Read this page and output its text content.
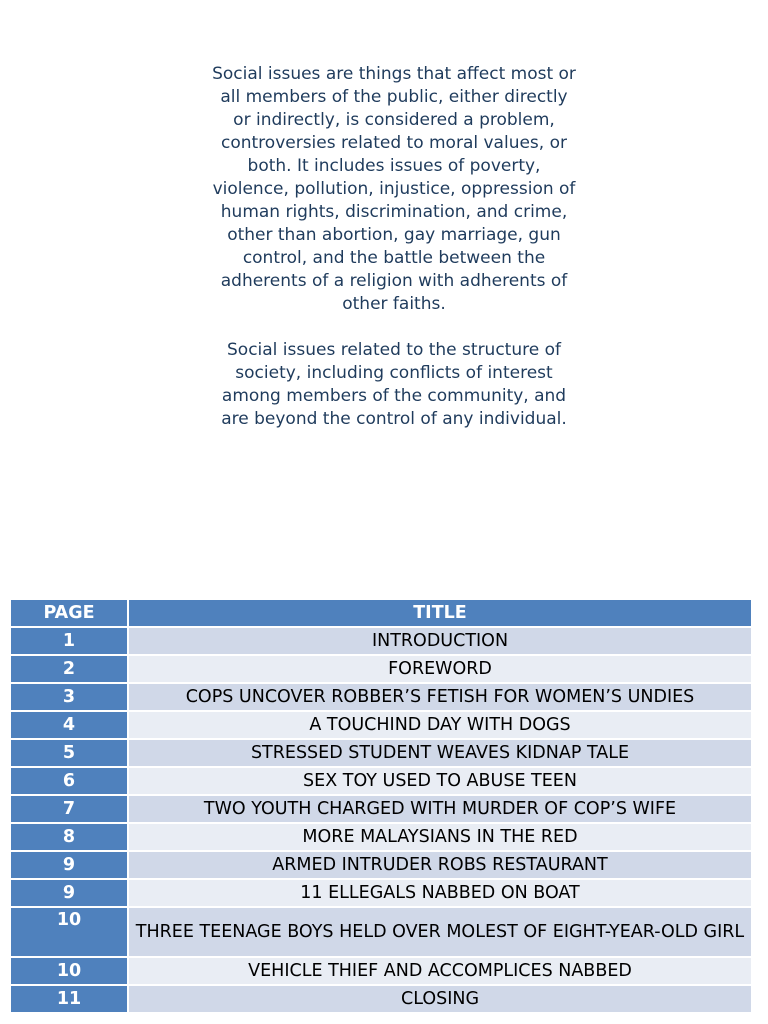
Social issues are things that affect most or all members of the public, either directly or indirectly, is considered a problem, controversies related to moral values, or both. It includes issues of poverty, violence, pollution, injustice, oppression of human rights, discrimination, and crime, other than abortion, gay marriage, gun control, and the battle between the adherents of a religion with adherents of other faiths.

Social issues related to the structure of society, including conflicts of interest among members of the community, and are beyond the control of any individual.

PAGE	TITLE
1	INTRODUCTION
2	FOREWORD
3	COPS UNCOVER ROBBER’S FETISH FOR WOMEN’S UNDIES
4	A TOUCHIND DAY WITH DOGS
5	STRESSED STUDENT WEAVES KIDNAP TALE
6	SEX TOY USED TO ABUSE TEEN
7	TWO YOUTH CHARGED WITH MURDER OF COP’S WIFE
8	MORE MALAYSIANS IN THE RED
9	ARMED INTRUDER ROBS RESTAURANT
9	11 ELLEGALS NABBED ON BOAT
10	THREE TEENAGE BOYS HELD OVER MOLEST OF EIGHT-YEAR-OLD GIRL
10	VEHICLE THIEF AND ACCOMPLICES NABBED
11	CLOSING
